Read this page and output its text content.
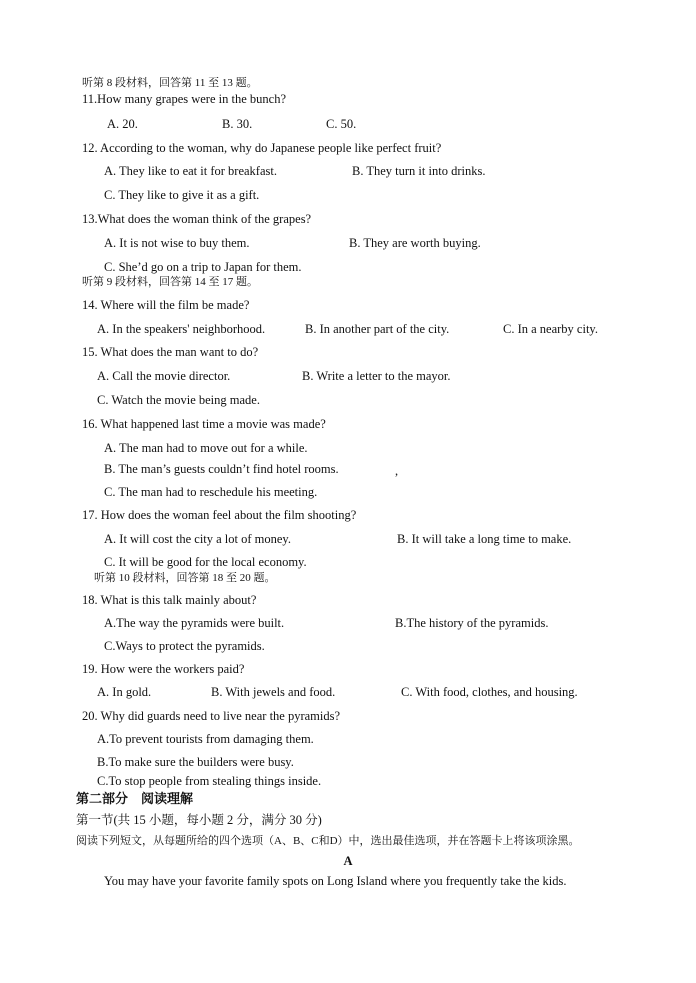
听第 8 段材料，回答第 11 至 13 题。
11.How many grapes were in the bunch?
A. 20.	B. 30.	C. 50.
12. According to the woman, why do Japanese people like perfect fruit?
A. They like to eat it for breakfast.	B. They turn it into drinks.
C. They like to give it as a gift.
13.What does the woman think of the grapes?
A. It is not wise to buy them.	B. They are worth buying.
C. She’d go on a trip to Japan for them.
听第 9 段材料，回答第 14 至 17 题。
14. Where will the film be made?
A. In the speakers' neighborhood.	B. In another part of the city.	C. In a nearby city.
15. What does the man want to do?
A. Call the movie director.	B. Write a letter to the mayor.
C. Watch the movie being made.
16. What happened last time a movie was made?
A. The man had to move out for a while.
B. The man’s guests couldn’t find hotel rooms.	,
C. The man had to reschedule his meeting.
17. How does the woman feel about the film shooting?
A. It will cost the city a lot of money.	B. It will take a long time to make.
C. It will be good for the local economy.
听第 10 段材料，回答第 18 至 20 题。
18. What is this talk mainly about?
A.The way the pyramids were built.	B.The history of the pyramids.
C.Ways to protect the pyramids.
19. How were the workers paid?
A. In gold.	B. With jewels and food.	C. With food, clothes, and housing.
20. Why did guards need to live near the pyramids?
A.To prevent tourists from damaging them.
B.To make sure the builders were busy.
C.To stop people from stealing things inside.
第二部分　阅读理解
第一节(共 15 小题，每小题 2 分，满分 30 分)
阅读下列短文，从每题所给的四个选项（A、B、C和D）中，选出最佳选项，并在答题卡上将该项涂黑。
A
You may have your favorite family spots on Long Island where you frequently take the kids.
